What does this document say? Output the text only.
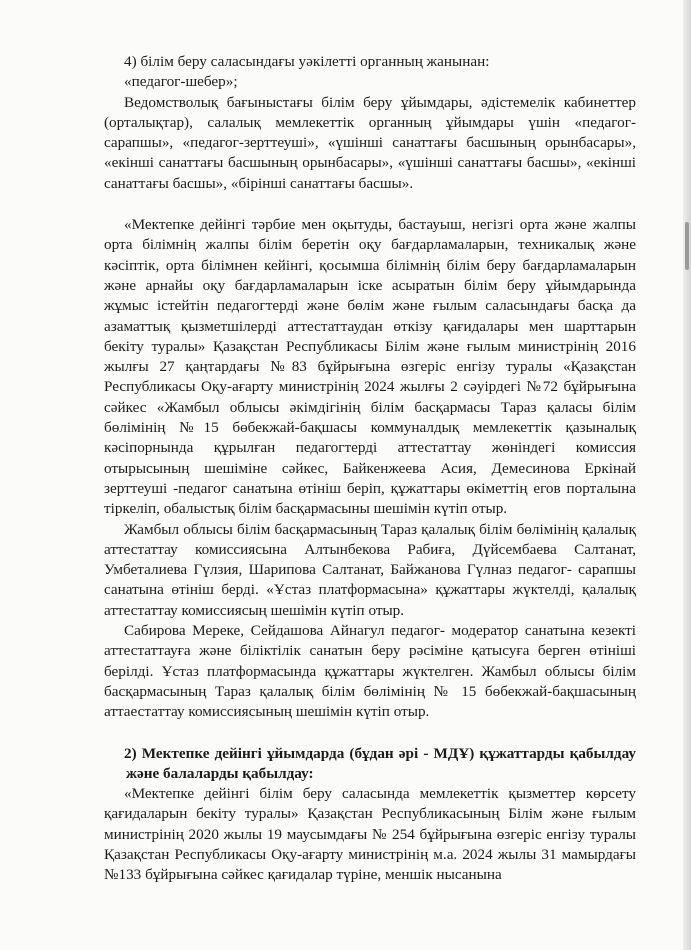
4) білім беру саласындағы уәкілетті органның жанынан:

«педагог-шебер»;

Ведомстволық бағыныстағы білім беру ұйымдары, әдістемелік кабинеттер (орталықтар), салалық мемлекеттік органның ұйымдары үшін «педагог-сарапшы», «педагог-зерттеуші», «үшінші санаттағы басшының орынбасары», «екінші санаттағы басшының орынбасары», «үшінші санаттағы басшы», «екінші санаттағы басшы», «бірінші санаттағы басшы».

«Мектепке дейінгі тәрбие мен оқытуды, бастауыш, негізгі орта және жалпы орта білімнің жалпы білім беретін оқу бағдарламаларын, техникалық және кәсіптік, орта білімнен кейінгі, қосымша білімнің білім беру бағдарламаларын және арнайы оқу бағдарламаларын іске асыратын білім беру ұйымдарында жұмыс істейтін педагогтерді және бөлім және ғылым саласындағы басқа да азаматтық қызметшілерді аттестаттаудан өткізу қағидалары мен шарттарын бекіту туралы» Қазақстан Республикасы Білім және ғылым министрінің 2016 жылғы 27 қаңтардағы №83 бұйрығына өзгеріс енгізу туралы «Қазақстан Республикасы Оқу-ағарту министрінің 2024 жылғы 2 сәуірдегі №72 бұйрығына сәйкес «Жамбыл облысы әкімдігінің білім басқармасы Тараз қаласы білім бөлімінің №15 бөбекжай-бақшасы коммуналдық мемлекеттік қазыналық кәсіпорнында құрылған педагогтерді аттестаттау жөніндегі комиссия отырысының шешіміне сәйкес, Байкенжеева Асия, Демесинова Еркінай зерттеуші -педагог санатына өтініш беріп, құжаттары өкіметтің егов порталына тіркеліп, обалыстық білім басқармасыны шешімін күтіп отыр.

Жамбыл облысы білім басқармасының Тараз қалалық білім бөлімінің қалалық аттестаттау комиссиясына Алтынбекова Рабиға, Дүйсембаева Салтанат, Умбеталиева Гүлзия, Шарипова Салтанат, Байжанова Гүлназ педагог- сарапшы санатына өтініш берді. «Ұстаз платформасына» құжаттары жүктелді, қалалық аттестаттау комиссиясың шешімін күтіп отыр.

Сабирова Мереке, Сейдашова Айнагул педагог- модератор санатына кезекті аттестаттауға және біліктілік санатын беру рәсіміне қатысуға берген өтініші берілді. Ұстаз платформасында құжаттары жүктелген. Жамбыл облысы білім басқармасының Тараз қалалық білім бөлімінің № 15 бөбекжай-бақшасының аттаестаттау комиссиясының шешімін күтіп отыр.

2) Мектепке дейінгі ұйымдарда (бұдан әрі - МДҰ) құжаттарды қабылдау және балаларды қабылдау:

«Мектепке дейінгі білім беру саласында мемлекеттік қызметтер көрсету қағидаларын бекіту туралы» Қазақстан Республикасының Білім және ғылым министрінің 2020 жылы 19 маусымдағы № 254 бұйрығына өзгеріс енгізу туралы Қазақстан Республикасы Оқу-ағарту министрінің м.а. 2024 жылы 31 мамырдағы №133 бұйрығына сәйкес қағидалар түріне, меншік нысанына
